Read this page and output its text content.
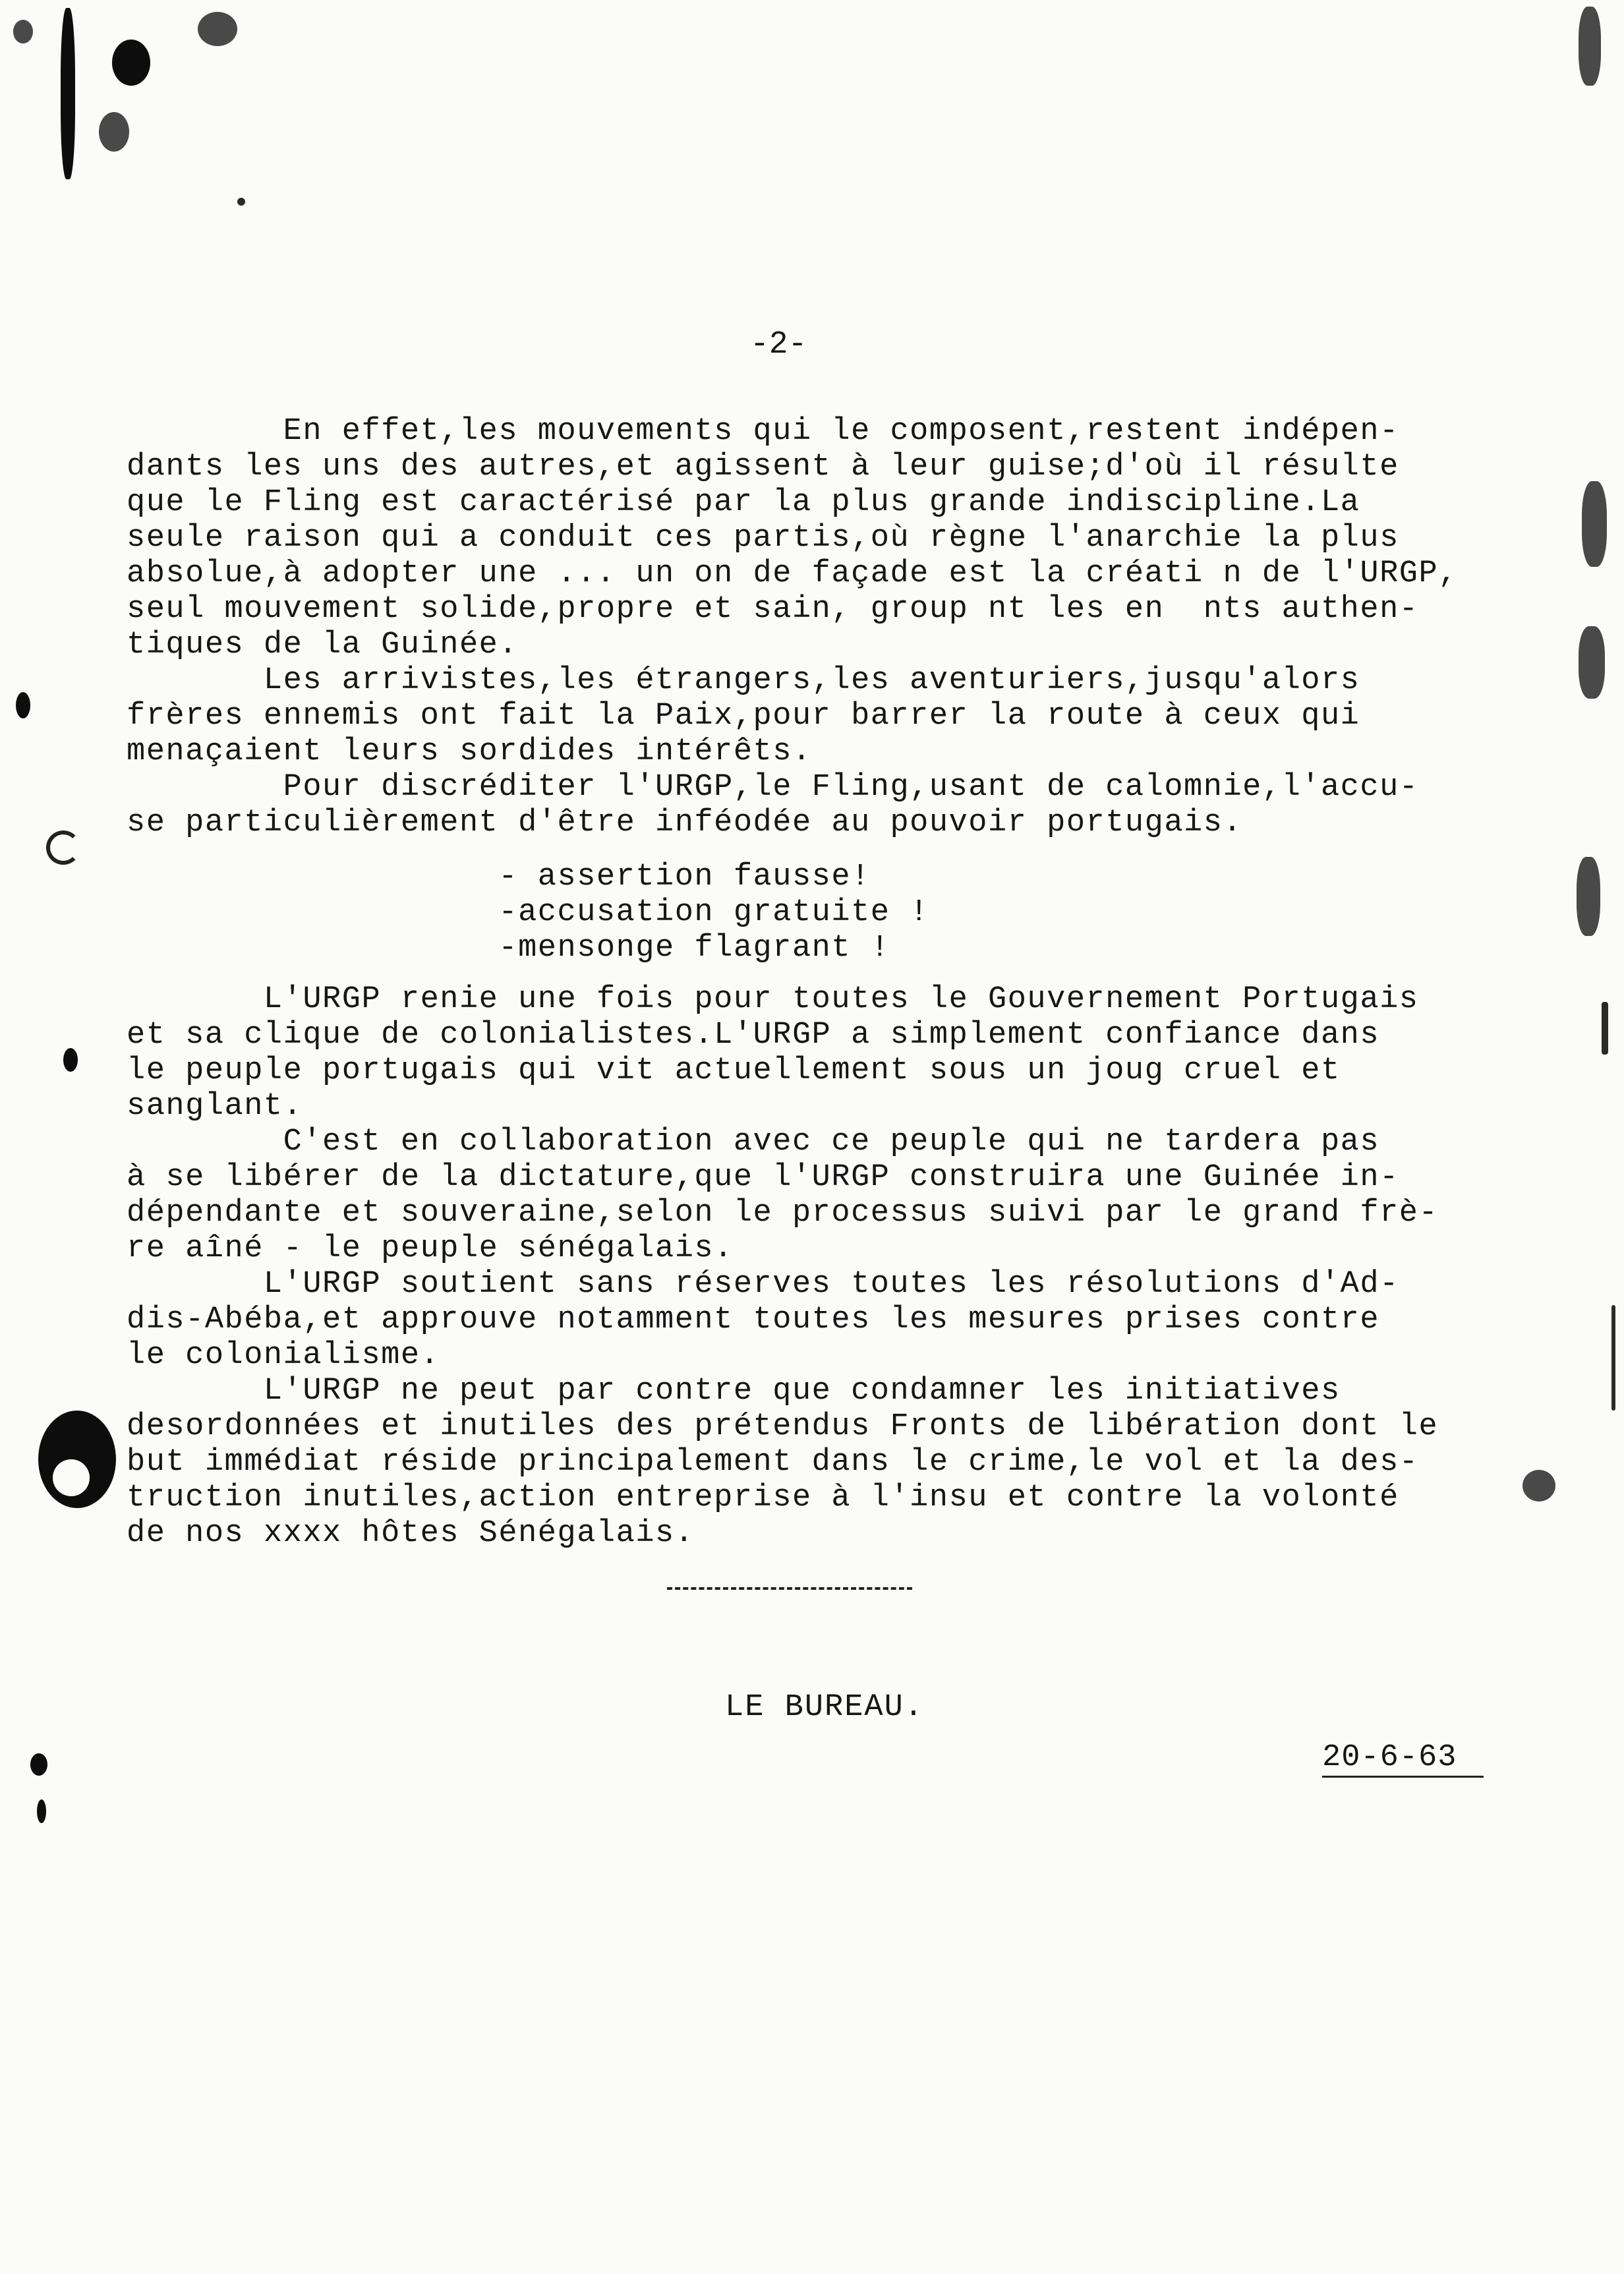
-2-
En effet,les mouvements qui le composent,restent indépen-
dants les uns des autres,et agissent à leur guise;d'où il résulte
que le Fling est caractérisé par la plus grande indiscipline.La
seule raison qui a conduit ces partis,où règne l'anarchie la plus
absolue,à adopter une ... un on de façade est la créati n de l'URGP,
seul mouvement solide,propre et sain, group nt les en  nts authen-
tiques de la Guinée.
Les arrivistes,les étrangers,les aventuriers,jusqu'alors
frères ennemis ont fait la Paix,pour barrer la route à ceux qui
menaçaient leurs sordides intérêts.
Pour discréditer l'URGP,le Fling,usant de calomnie,l'accu-
se particulièrement d'être inféodée au pouvoir portugais.
- assertion fausse!
-accusation gratuite !
-mensonge flagrant !
L'URGP renie une fois pour toutes le Gouvernement Portugais
et sa clique de colonialistes.L'URGP a simplement confiance dans
le peuple portugais qui vit actuellement sous un joug cruel et
sanglant.
C'est en collaboration avec ce peuple qui ne tardera pas
à se libérer de la dictature,que l'URGP construira une Guinée in-
dépendante et souveraine,selon le processus suivi par le grand frè-
re aîné - le peuple sénégalais.
L'URGP soutient sans réserves toutes les résolutions d'Ad-
dis-Abéba,et approuve notamment toutes les mesures prises contre
le colonialisme.
L'URGP ne peut par contre que condamner les initiatives
desordonnées et inutiles des prétendus Fronts de libération dont le
but immédiat réside principalement dans le crime,le vol et la des-
truction inutiles,action entreprise à l'insu et contre la volonté
de nos xxxx hôtes Sénégalais.
LE BUREAU.
20-6-63
